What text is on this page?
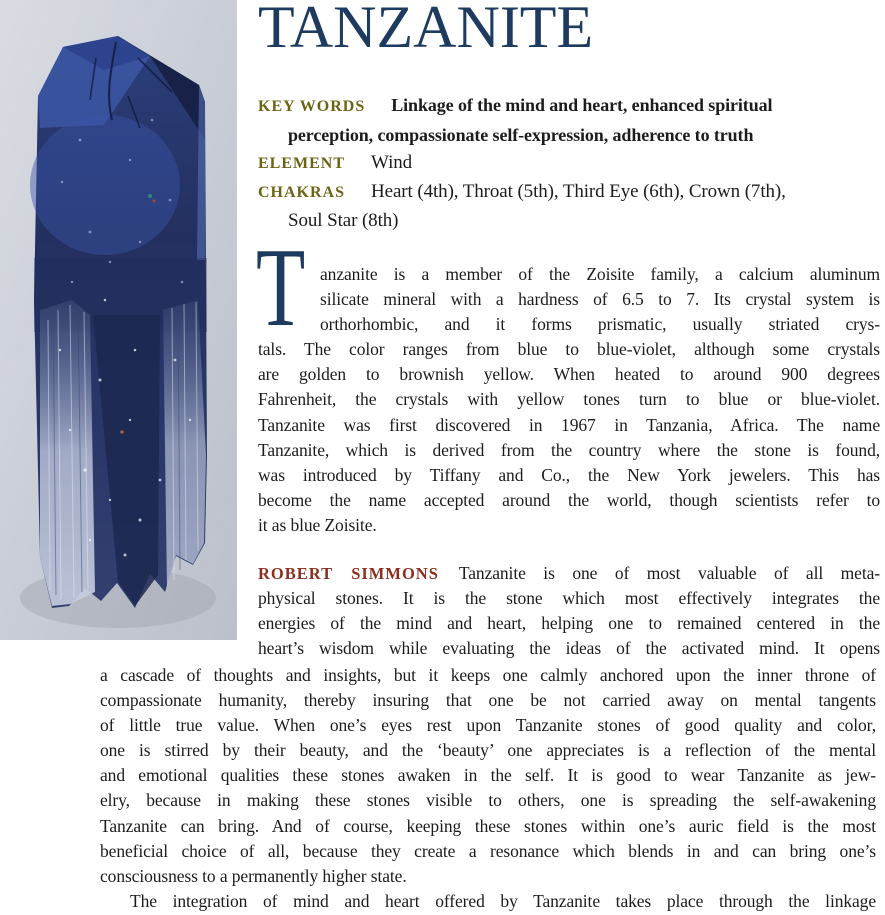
TANZANITE
KEY WORDS Linkage of the mind and heart, enhanced spiritual
perception, compassionate self-expression, adherence to truth
ELEMENT Wind
CHAKRAS Heart (4th), Throat (5th), Third Eye (6th), Crown (7th),
Soul Star (8th)
T anzanite is a member of the Zoisite family, a calcium aluminum
silicate mineral with a hardness of 6.5 to 7. Its crystal system is
orthorhombic, and it forms prismatic, usually striated crys-
tals. The color ranges from blue to blue-violet, although some crystals
are golden to brownish yellow. When heated to around 900 degrees
Fahrenheit, the crystals with yellow tones turn to blue or blue-violet.
Tanzanite was first discovered in 1967 in Tanzania, Africa. The name
Tanzanite, which is derived from the country where the stone is found,
was introduced by Tiffany and Co., the New York jewelers. This has
become the name accepted around the world, though scientists refer to
it as blue Zoisite.
ROBERT SIMMONS Tanzanite is one of most valuable of all meta-
physical stones. It is the stone which most effectively integrates the
energies of the mind and heart, helping one to remained centered in the
heart’s wisdom while evaluating the ideas of the activated mind. It opens
a cascade of thoughts and insights, but it keeps one calmly anchored upon the inner throne of
compassionate humanity, thereby insuring that one be not carried away on mental tangents
of little true value. When one’s eyes rest upon Tanzanite stones of good quality and color,
one is stirred by their beauty, and the ‘beauty’ one appreciates is a reflection of the mental
and emotional qualities these stones awaken in the self. It is good to wear Tanzanite as jew-
elry, because in making these stones visible to others, one is spreading the self-awakening
Tanzanite can bring. And of course, keeping these stones within one’s auric field is the most
beneficial choice of all, because they create a resonance which blends in and can bring one’s
consciousness to a permanently higher state.
The integration of mind and heart offered by Tanzanite takes place through the linkage
